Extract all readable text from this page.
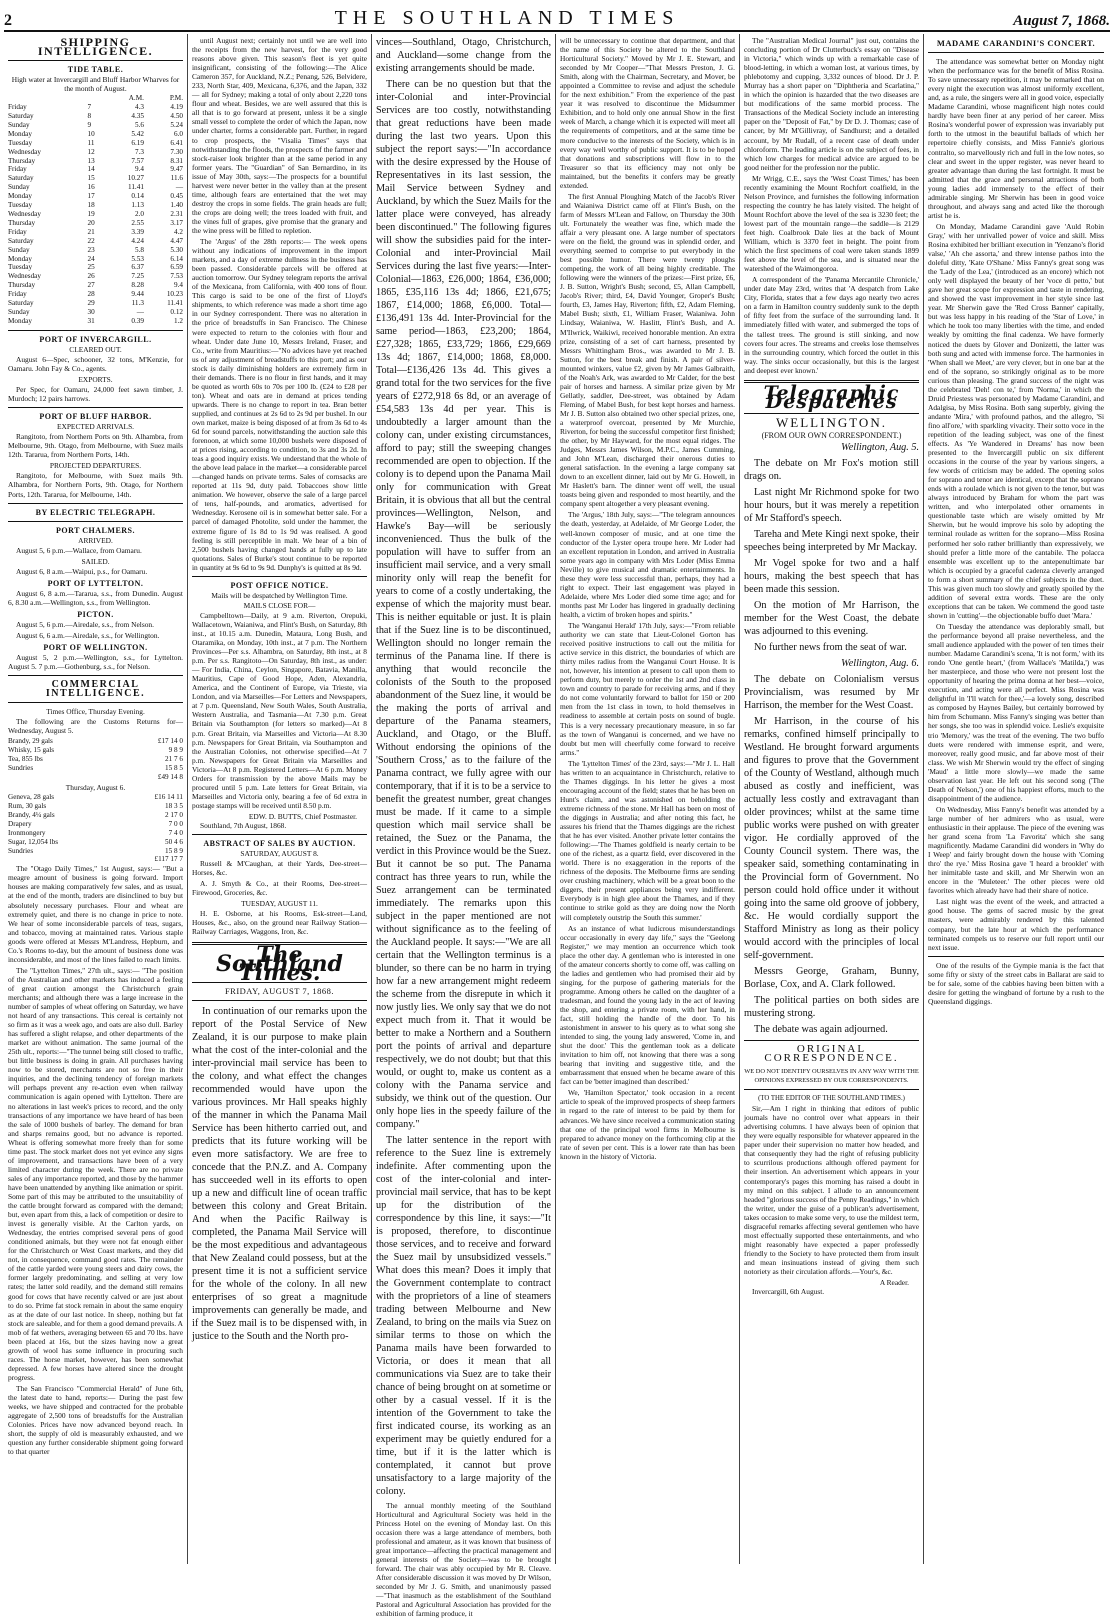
2	THE SOUTHLAND TIMES	August 7, 1868.
SHIPPING INTELLIGENCE.
TIDE TABLE.
High water at Invercargill and Bluff Harbor Wharves for the month of August.
		A.M.	P.M.
Friday	7	4.3	4.19
Saturday	8	4.35	4.50
Sunday	9	5.6	5.24
Monday	10	5.42	6.0
Tuesday	11	6.19	6.41
Wednesday	12	7.3	7.30
Thursday	13	7.57	8.31
Friday	14	9.4	9.47
Saturday	15	10.27	11.6
Sunday	16	11.41	—
Monday	17	0.14	0.45
Tuesday	18	1.13	1.40
Wednesday	19	2.0	2.31
Thursday	20	2.55	3.17
Friday	21	3.39	4.2
Saturday	22	4.24	4.47
Sunday	23	5.8	5.30
Monday	24	5.53	6.14
Tuesday	25	6.37	6.59
Wednesday	26	7.25	7.53
Thursday	27	8.28	9.4
Friday	28	9.44	10.23
Saturday	29	11.3	11.41
Sunday	30	—	0.12
Monday	31	0.39	1.2
PORT OF INVERCARGILL.
CLEARED OUT.

August 6—Spec, schooner, 32 tons, M'Kenzie, for Oamaru. John Fay & Co., agents.

EXPORTS.

Per Spec, for Oamaru, 24,000 feet sawn timber, J. Murdoch; 12 pairs harrows.

PORT OF BLUFF HARBOR.
EXPECTED ARRIVALS.

Rangitoto, from Northern Ports on 9th. Alhambra, from Melbourne, 9th. Otago, from Melbourne, with Suez mails 12th. Tararua, from Northern Ports, 14th.

PROJECTED DEPARTURES.

Rangitoto, for Melbourne, with Suez mails 9th. Alhambra, for Northern Ports, 9th. Otago, for Northern Ports, 12th. Tararua, for Melbourne, 14th.

BY ELECTRIC TELEGRAPH.
PORT CHALMERS.
ARRIVED.

August 5, 6 p.m.—Wallace, from Oamaru.

SAILED.

August 6, 8 a.m.—Waipui, p.s., for Oamaru.

PORT OF LYTTELTON.

August 6, 8 a.m.—Tararua, s.s., from Dunedin. August 6, 8.30 a.m.—Wellington, s.s., from Wellington.

PICTON.

August 5, 6 p.m.—Airedale, s.s., from Nelson.

August 6, 6 a.m.—Airedale, s.s., for Wellington.

PORT OF WELLINGTON.

August 5, 2 p.m.—Wellington, s.s., for Lyttelton. August 5. 7 p.m.—Gothenburg, s.s., for Nelson.

COMMERCIAL INTELLIGENCE.
Times Office, Thursday Evening.

The following are the Customs Returns for— Wednesday, August 5.

Brandy, 29 gals	£17 14 0
Whisky, 15 gals	9 8 9
Tea, 855 lbs	21 7 6
Sundries	15 8 5
	£49 14 8
Thursday, August 6.
Geneva, 28 gals	£16 14 11
Rum, 30 gals	18 3 5
Brandy, 4¼ gals	2 17 0
Drapery	7 0 0
Ironmongery	7 4 0
Sugar, 12,054 lbs	50 4 6
Sundries	15 8 9
	£117 17 7

The "Otago Daily Times," 1st August, says:— "But a meagre amount of business is going forward. Import houses are making comparatively few sales, and as usual, at the end of the month, traders are disinclined to buy but absolutely necessary purchases. Flour and wheat are extremely quiet, and there is no change in price to note. We hear of some inconsiderable parcels of teas, sugars, and tobacco, moving at maintained rates. Various staple goods were offered at Messrs M'Landress, Hepburn, and Co.'s Rooms to-day, but the amount of business done was inconsiderable, and most of the lines failed to reach limits.

The "Lyttelton Times," 27th ult., says:— "The position of the Australian and other markets has induced a feeling of great caution amongst the Christchurch grain merchants; and although there was a large increase in the number of samples of wheat offering on Saturday, we have not heard of any transactions. This cereal is certainly not so firm as it was a week ago, and oats are also dull. Barley has suffered a slight relapse, and other departments of the market are without animation. The same journal of the 25th ult., reports:—"The tunnel being still closed to traffic, but little business is doing in grain. All purchases having now to be stored, merchants are not so free in their inquiries, and the declining tendency of foreign markets will perhaps prevent any re-action even when railway communication is again opened with Lyttelton. There are no alterations in last week's prices to record, and the only transactions of any importance we have heard of has been the sale of 1000 bushels of barley. The demand for bran and sharps remains good, but no advance is reported. Wheat is offering somewhat more freely than for some time past. The stock market does not yet evince any signs of improvement, and transactions have been of a very limited character during the week. There are no private sales of any importance reported, and those by the hammer have been unattended by anything like animation or spirit. Some part of this may be attributed to the unsuitability of the cattle brought forward as compared with the demand; but, even apart from this, a lack of competition or desire to invest is generally visible. At the Carlton yards, on Wednesday, the entries comprised several pens of good conditioned animals, but they were not fat enough either for the Christchurch or West Coast markets, and they did not, in consequence, command good rates. The remainder of the cattle yarded were young steers and dairy cows, the former largely predominating, and selling at very low rates; the latter sold readily, and the demand still remains good for cows that have recently calved or are just about to do so. Prime fat stock remain in about the same enquiry as at the date of our last notice. In sheep, nothing but fat stock are saleable, and for them a good demand prevails. A mob of fat wethers, averaging between 65 and 70 lbs. have been placed at 16s, but the sizes having now a great growth of wool has some influence in procuring such races. The horse market, however, has been somewhat depressed. A few horses have altered since the drought progress.

The San Francisco "Commercial Herald" of June 6th, the latest date to hand, reports:— During the past few weeks, we have shipped and contracted for the probable aggregate of 2,500 tons of breadstuffs for the Australian Colonies. Prices have now advanced beyond reach. In short, the supply of old is measurably exhausted, and we question any further considerable shipment going forward to that quarter

until August next; certainly not until we are well into the receipts from the new harvest, for the very good reasons above given. This season's fleet is yet quite insignificant, consisting of the following:—The Alice Cameron 357, for Auckland, N.Z.; Penang, 526, Belvidere, 233, North Star, 409, Mexicana, 6,376, and the Japan, 332— all for Sydney; making a total of only about 2,220 tons flour and wheat. Besides, we are well assured that this is all that is to go forward at present, unless it be a single small vessel to complete the order of which the Japan, now under charter, forms a considerable part. Further, in regard to crop prospects, the "Visalia Times" says that notwithstanding the floods, the prospects of the farmer and stock-raiser look brighter than at the same period in any former years. The "Guardian" of San Bernardino, in its issue of May 30th, says:—The prospects for a bountiful harvest were never better in the valley than at the present time, although fears are entertained that the wet may destroy the crops in some fields. The grain heads are full; the crops are doing well; the trees loaded with fruit, and the vines full of grapes, give promise that the granary and the wine press will be filled to repletion.

The 'Argus' of the 28th reports:— The week opens without any indications of improvement in the import markets, and a day of extreme dullness in the business has been passed. Considerable parcels will be offered at auction tomorrow. Our Sydney telegram reports the arrival of the Mexicana, from California, with 400 tons of flour. This cargo is said to be one of the first of Lloyd's shipments, to which reference was made a short time ago in our Sydney correspondent. There was no alteration in the price of breadstuffs in San Francisco. The Chinese were expected to return to the colonies with flour and wheat. Under date June 10, Messrs Ireland, Fraser, and Co., write from Mauritius:—"No advices have yet reached us of any adjustment of breadstuffs to this port; and as our stock is daily diminishing holders are extremely firm in their demands. There is no flour in first hands, and it may be quoted as worth 60s to 70s per 100 lb. (£24 to £28 per ton). Wheat and oats are in demand at prices tending upwards. There is no change to report in tea. Bran better supplied, and continues at 2s 6d to 2s 9d per bushel. In our own market, maize is being disposed of at from 3s 6d to 4s 6d for sound parcels, notwithstanding the auction sale this forenoon, at which some 10,000 bushels were disposed of at prices rising, according to condition, to 3s and 3s 2d. In teas a good inquiry exists. We understand that the whole of the above lead palace in the market—a considerable parcel—changed hands on private terms. Sales of cornsacks are reported at 11s 9d, duty paid. Tobaccoes show little animation. We however, observe the sale of a large parcel of tens, half-pounds, and aromatics, advertised for Wednesday. Kerosene oil is in somewhat better sale. For a parcel of damaged Photolite, sold under the hammer, the extreme figure of 1s 8d to 1s 9d was realised. A good feeling is still perceptible in malt. We hear of a bin of 2,500 bushels having changed hands at fully up to late quotations. Sales of Burke's stout continue to be reported in quantity at 9s 6d to 9s 9d. Dunphy's is quitted at 8s 9d.

POST OFFICE NOTICE.
Mails will be despatched by Wellington Time.
MAILS CLOSE FOR—

Campbelltown—Daily, at 9 a.m. Riverton, Orepuki, Wallacetown, Waianiwa, and Flint's Bush, on Saturday, 8th inst., at 10.15 a.m. Dunedin, Mataura, Long Bush, and Otaramika, on Monday, 10th inst., at 7 p.m. The Northern Provinces—Per s.s. Alhambra, on Saturday, 8th inst., at 8 p.m. Per s.s. Rangitoto—On Saturday, 8th inst., as under:— For India, China, Ceylon, Singapore, Batavia, Manilla, Mauritius, Cape of Good Hope, Aden, Alexandria, America, and the Continent of Europe, via Trieste, via London, and via Marseilles—For Letters and Newspapers, at 7 p.m. Queensland, New South Wales, South Australia, Western Australia, and Tasmania—At 7.30 p.m. Great Britain via Southampton (for letters so marked)—At 8 p.m. Great Britain, via Marseilles and Victoria—At 8.30 p.m. Newspapers for Great Britain, via Southampton and the Australian Colonies, not otherwise specified—At 7 p.m. Newspapers for Great Britain via Marseilles and Victoria—At 8 p.m. Registered Letters—At 6 p.m. Money Orders for transmission by the above Mails may be procured until 5 p.m. Late letters for Great Britain, via Marseilles and Victoria only, bearing a fee of 6d extra in postage stamps will be received until 8.50 p.m.

EDW. D. BUTTS, Chief Postmaster.

Southland, 7th August, 1868.

ABSTRACT OF SALES BY AUCTION.
SATURDAY, AUGUST 8.

Russell & M'Caughan, at their Yards, Dee-street—Horses, &c.

A. J. Smyth & Co., at their Rooms, Dee-street—Firewood, Groceries, &c.

TUESDAY, AUGUST 11.

H. E. Osborne, at his Rooms, Esk-street—Land, Houses, &c., also, on the ground near Railway Station—Railway Carriages, Waggons, Iron, &c.

The Southland Times.
FRIDAY, AUGUST 7, 1868.

In continuation of our remarks upon the report of the Postal Service of New Zealand, it is our purpose to make plain what the cost of the inter-colonial and the inter-provincial mail service has been to the colony, and what effect the changes recommended would have upon the various provinces. Mr Hall speaks highly of the manner in which the Panama Mail Service has been hitherto carried out, and predicts that its future working will be even more satisfactory. We are free to concede that the P.N.Z. and A. Company has succeeded well in its efforts to open up a new and difficult line of ocean traffic between this colony and Great Britain. And when the Pacific Railway is completed, the Panama Mail Service will be the most expeditious and advantageous that New Zealand could possess, but at the present time it is not a sufficient service for the whole of the colony. In all new enterprises of so great a magnitude improvements can generally be made, and if the Suez mail is to be dispensed with, in justice to the South and the North pro-

vinces—Southland, Otago, Christchurch, and Auckland—some change from the existing arrangements should be made.

There can be no question but that the inter-Colonial and inter-Provincial Services are too costly, notwithstanding that great reductions have been made during the last two years. Upon this subject the report says:—"In accordance with the desire expressed by the House of Representatives in its last session, the Mail Service between Sydney and Auckland, by which the Suez Mails for the latter place were conveyed, has already been discontinued." The following figures will show the subsidies paid for the inter-Colonial and inter-Provincial Mail Services during the last five years:—Inter-Colonial—1863, £26,000; 1864, £36,000; 1865, £35,116 13s 4d; 1866, £21,675; 1867, £14,000; 1868, £6,000. Total—£136,491 13s 4d. Inter-Provincial for the same period—1863, £23,200; 1864, £27,328; 1865, £33,729; 1866, £29,669 13s 4d; 1867, £14,000; 1868, £8,000. Total—£136,426 13s 4d. This gives a grand total for the two services for the five years of £272,918 6s 8d, or an average of £54,583 13s 4d per year. This is undoubtedly a larger amount than the colony can, under existing circumstances, afford to pay; still the sweeping changes recommended are open to objection. If the colony is to depend upon the Panama Mail only for communication with Great Britain, it is obvious that all but the central provinces—Wellington, Nelson, and Hawke's Bay—will be seriously inconvenienced. Thus the bulk of the population will have to suffer from an insufficient mail service, and a very small minority only will reap the benefit for years to come of a costly undertaking, the expense of which the majority must bear. This is neither equitable or just. It is plain that if the Suez line is to be discontinued, Wellington should no longer remain the terminus of the Panama line. If there is anything that would reconcile the colonists of the South to the proposed abandonment of the Suez line, it would be the making the ports of arrival and departure of the Panama steamers, Auckland, and Otago, or the Bluff. Without endorsing the opinions of the 'Southern Cross,' as to the failure of the Panama contract, we fully agree with our contemporary, that if it is to be a service to benefit the greatest number, great changes must be made. If it came to a simple question which mail service shall be retained, the Suez or the Panama, the verdict in this Province would be the Suez. But it cannot be so put. The Panama contract has three years to run, while the Suez arrangement can be terminated immediately. The remarks upon this subject in the paper mentioned are not without significance as to the feeling of the Auckland people. It says:—"We are all certain that the Wellington terminus is a blunder, so there can be no harm in trying how far a new arrangement might redeem the scheme from the disrepute in which it now justly lies. We only say that we do not expect much from it. That it would be better to make a Northern and a Southern port the points of arrival and departure respectively, we do not doubt; but that this would, or ought to, make us content as a colony with the Panama service and subsidy, we think out of the question. Our only hope lies in the speedy failure of the company."

The latter sentence in the report with reference to the Suez line is extremely indefinite. After commenting upon the cost of the inter-colonial and inter-provincial mail service, that has to be kept up for the distribution of the correspondence by this line, it says:—"It is proposed, therefore, to discontinue those services, and to receive and forward the Suez mail by unsubsidized vessels." What does this mean? Does it imply that the Government contemplate to contract with the proprietors of a line of steamers trading between Melbourne and New Zealand, to bring on the mails via Suez on similar terms to those on which the Panama mails have been forwarded to Victoria, or does it mean that all communications via Suez are to take their chance of being brought on at sometime or other by a casual vessel. If it is the intention of the Government to take the first indicated course, its working as an experiment may be quietly endured for a time, but if it is the latter which is contemplated, it cannot but prove unsatisfactory to a large majority of the colony.

The annual monthly meeting of the Southland Horticultural and Agricultural Society was held in the Princess Hotel on the evening of Monday last. On this occasion there was a large attendance of members, both professional and amateur, as it was known that business of great importance—affecting the practical management and general interests of the Society—was to be brought forward. The chair was ably occupied by Mr R. Cleave. After considerable discussion it was moved by Dr Wilson, seconded by Mr J. G. Smith, and unanimously passed—"That inasmuch as the establishment of the Southland Pastoral and Agricultural Association has provided for the exhibition of farming produce, it

will be unnecessary to continue that department, and that the name of this Society be altered to the Southland Horticultural Society." Moved by Mr J. E. Stewart, and seconded by Mr Cooper—"That Messrs Preston, J. G. Smith, along with the Chairman, Secretary, and Mover, be appointed a Committee to revise and adjust the schedule for the next exhibition." From the experience of the past year it was resolved to discontinue the Midsummer Exhibition, and to hold only one annual Show in the first week of March, a change which it is expected will meet all the requirements of competitors, and at the same time be more conducive to the interests of the Society, which is in every way well worthy of public support. It is to be hoped that donations and subscriptions will flow in to the Treasurer so that its efficiency may not only be maintained, but the benefits it confers may be greatly extended.

The first Annual Ploughing Match of the Jacob's River and Waianiwa District came off at Flint's Bush, on the farm of Messrs M'Lean and Fallow, on Thursday the 30th ult. Fortunately the weather was fine, which made the affair a very pleasant one. A large number of spectators were on the field, the ground was in splendid order, and everything seemed to comprise to put everybody in the best possible humor. There were twenty ploughs competing, the work of all being highly creditable. The following were the winners of the prizes:—First prize, £6, J. B. Sutton, Wright's Bush; second, £5, Allan Campbell, Jacob's River; third, £4, David Younger, Groper's Bush; fourth, £3, James Hay, Riverton; fifth, £2, Adam Fleming, Mabel Bush; sixth, £1, William Fraser, Waianiwa. John Lindsay, Waianiwa, W. Haslitt, Flint's Bush, and A. M'Ilwrick, Waikiwi, received honorable mention. An extra prize, consisting of a set of cart harness, presented by Messrs Whittingham Bros., was awarded to Mr J. B. Sutton, for the best break and finish. A pair of silver-mounted winkers, value £2, given by Mr James Galbraith, of the Noah's Ark, was awarded to Mr Calder, for the best pair of horses and harness. A similar prize given by Mr Gellatly, saddler, Dee-street, was obtained by Adam Fleming, of Mabel Bush, for best kept horses and harness. Mr J. B. Sutton also obtained two other special prizes, one, a waterproof overcoat, presented by Mr Murchie, Riverton, for being the successful competitor first finished; the other, by Mr Hayward, for the most equal ridges. The Judges, Messrs James Wilson, M.P.C., James Cumming, and John M'Lean, discharged their onerous duties to general satisfaction. In the evening a large company sat down to an excellent dinner, laid out by Mr G. Howell, in Mr Haslett's barn. The dinner went off well, the usual toasts being given and responded to most heartily, and the company spent altogether a very pleasant evening.

The 'Argus,' 18th July, says:—"The telegram announces the death, yesterday, at Adelaide, of Mr George Loder, the well-known composer of music, and at one time the conductor of the Lyster opera troupe here. Mr Loder had an excellent reputation in London, and arrived in Australia some years ago in company with Mrs Loder (Miss Emma Neville) to give musical and dramatic entertainments. In these they were less successful than, perhaps, they had a right to expect. Their last engagement was played in Adelaide, where Mrs Loder died some time ago; and for months past Mr Loder has lingered in gradually declining health, a victim of broken hopes and spirits."

The 'Wanganui Herald' 17th July, says:—"From reliable authority we can state that Lieut-Colonel Gorton has received positive instructions to call out the militia for active service in this district, the boundaries of which are thirty miles radius from the Wanganui Court House. It is not, however, his intention at present to call upon them to perform duty, but merely to order the 1st and 2nd class in town and country to parade for receiving arms, and if they do not come voluntarily forward to ballot for 150 or 200 men from the 1st class in town, to hold themselves in readiness to assemble at certain posts on sound of bugle. This is a very necessary precautionary measure, in so far as the town of Wanganui is concerned, and we have no doubt but men will cheerfully come forward to receive arms."

The 'Lyttelton Times' of the 23rd, says:—"Mr J. L. Hall has written to an acquaintance in Christchurch, relative to the Thames diggings. In his letter he gives a most encouraging account of the field; states that he has been on Hunt's claim, and was astonished on beholding the extreme richness of the stone. Mr Hall has been on most of the diggings in Australia; and after noting this fact, he assures his friend that the Thames diggings are the richest that he has ever visited. Another private letter contains the following:—'The Thames goldfield is nearly certain to be one of the richest, as a quartz field, ever discovered in the world. There is no exaggeration in the reports of the richness of the deposits. The Melbourne firms are sending over crushing machinery, which will be a great boon to the diggers, their present appliances being very indifferent. Everybody is in high glee about the Thames, and if they continue to strike gold as they are doing now the North will completely outstrip the South this summer.'

As an instance of what ludicrous misunderstandings occur occasionally in every day life," says the "Geelong Register," we may mention an occurrence which took place the other day. A gentleman who is interested in one of the amateur concerts shortly to come off, was calling on the ladies and gentlemen who had promised their aid by singing, for the purpose of gathering materials for the programme. Among others he called on the daughter of a tradesman, and found the young lady in the act of leaving the shop, and entering a private room, with her hand, in fact, still holding the handle of the door. To his astonishment in answer to his query as to what song she intended to sing, the young lady answered, 'Come in, and shut the door.' This the gentleman took as a delicate invitation to him off, not knowing that there was a song bearing that inviting and suggestive title, and the embarrassment that ensued when he became aware of this fact can be 'better imagined than described.'

We, 'Hamilton Spectator,' took occasion in a recent article to speak of the improved prospects of sheep farmers in regard to the rate of interest to be paid by them for advances. We have since received a communication stating that one of the principal wool firms in Melbourne is prepared to advance money on the forthcoming clip at the rate of seven per cent. This is a lower rate than has been known in the history of Victoria.

The "Australian Medical Journal" just out, contains the concluding portion of Dr Clutterbuck's essay on "Disease in Victoria," which winds up with a remarkable case of blood-letting, in which a woman lost, at various times, by phlebotomy and cupping, 3,332 ounces of blood. Dr J. P. Murray has a short paper on "Diphtheria and Scarlatina," in which the opinion is hazarded that the two diseases are but modifications of the same morbid process. The Transactions of the Medical Society include an interesting paper on the "Deposit of Fat," by Dr D. J. Thomas; case of cancer, by Mr M'Gillivray, of Sandhurst; and a detailed account, by Mr Rudall, of a recent case of death under chloroform. The leading article is on the subject of fees, in which low charges for medical advice are argued to be good neither for the profession nor the public.

Mr Wrigg, C.E., says the 'West Coast Times,' has been recently examining the Mount Rochfort coalfield, in the Nelson Province, and furnishes the following information respecting the country he has lately visited. The height of Mount Rochfort above the level of the sea is 3230 feet; the lowest part of the mountain range—the saddle—is 2129 feet high. Coalbrook Dale lies at the back of Mount William, which is 3370 feet in height. The point from which the first specimens of coal were taken stands 1899 feet above the level of the sea, and is situated near the watershed of the Waimongoroa.

A correspondent of the 'Panama Mercantile Chronicle,' under date May 23rd, writes that 'A despatch from Lake City, Florida, states that a few days ago nearly two acres on a farm in Hamilton country suddenly sunk to the depth of fifty feet from the surface of the surrounding land. It immediately filled with water, and submerged the tops of the tallest trees. The ground is still sinking, and now covers four acres. The streams and creeks lose themselves in the surrounding country, which forced the outlet in this way. The sinks occur occasionally, but this is the largest and deepest ever known.'

Telegraphic Despatches
WELLINGTON.
(FROM OUR OWN CORRESPONDENT.)

Wellington, Aug. 5.

The debate on Mr Fox's motion still drags on.

Last night Mr Richmond spoke for two hour hours, but it was merely a repetition of Mr Stafford's speech.

Tareha and Mete Kingi next spoke, their speeches being interpreted by Mr Mackay.

Mr Vogel spoke for two and a half hours, making the best speech that has been made this session.

On the motion of Mr Harrison, the member for the West Coast, the debate was adjourned to this evening.

No further news from the seat of war.

Wellington, Aug. 6.

The debate on Colonialism versus Provincialism, was resumed by Mr Harrison, the member for the West Coast.

Mr Harrison, in the course of his remarks, confined himself principally to Westland. He brought forward arguments and figures to prove that the Government of the County of Westland, although much abused as costly and inefficient, was actually less costly and extravagant than older provinces; whilst at the same time public works were pushed on with greater vigor. He cordially approved of the County Council system. There was, the speaker said, something contaminating in the Provincial form of Government. No person could hold office under it without going into the same old groove of jobbery, &c. He would cordially support the Stafford Ministry as long as their policy would accord with the principles of local self-government.

Messrs George, Graham, Bunny, Borlase, Cox, and A. Clark followed.

The political parties on both sides are mustering strong.

The debate was again adjourned.

ORIGINAL CORRESPONDENCE.
WE DO NOT IDENTIFY OURSELVES IN ANY WAY WITH THE OPINIONS EXPRESSED BY OUR CORRESPONDENTS.
(TO THE EDITOR OF THE SOUTHLAND TIMES.)

Sir,—Am I right in thinking that editors of public journals have no control over what appears in their advertising columns. I have always been of opinion that they were equally responsible for whatever appeared in the paper under their supervision no matter how headed, and that consequently they had the right of refusing publicity to scurrilous productions although offered payment for their insertion. An advertisement which appears in your contemporary's pages this morning has raised a doubt in my mind on this subject. I allude to an announcement headed "glorious success of the Penny Readings," in which the writer, under the guise of a publican's advertisement, takes occasion to make some very, to use the mildest term, disgraceful remarks affecting several gentlemen who have most effectually supported these entertainments, and who might reasonably have expected a paper professedly friendly to the Society to have protected them from insult and mean insinuations instead of giving them such notoriety as their circulation affords.—Your's, &c.

A Reader.

Invercargill, 6th August.

MADAME CARANDINI'S CONCERT.

The attendance was somewhat better on Monday night when the performance was for the benefit of Miss Rosina. To save unnecessary repetition, it may be remarked that on every night the execution was almost uniformly excellent, and, as a rule, the singers were all in good voice, especially Madame Carandini, whose magnificent high notes could hardly have been finer at any period of her career. Miss Rosina's wonderful power of expression was invariably put forth to the utmost in the beautiful ballads of which her repertoire chiefly consists, and Miss Fannie's glorious contralto, so marvellously rich and full in the low notes, so clear and sweet in the upper register, was never heard to greater advantage than during the last fortnight. It must be admitted that the grace and personal attractions of both young ladies add immensely to the effect of their admirable singing. Mr Sherwin has been in good voice throughout, and always sang and acted like the thorough artist he is.

On Monday, Madame Carandini gave 'Auld Robin Gray,' with her unrivalled power of voice and skill. Miss Rosina exhibited her brilliant execution in 'Yenzano's florid valse,' 'Ah che assorta,' and threw intense pathos into the doleful ditty, 'Kate O'Shane.' Miss Fanny's great song was the 'Lady of the Lea,' (introduced as an encore) which not only well displayed the beauty of her 'voce di petto,' but gave her great scope for expression and taste in rendering, and showed the vast improvement in her style since last year. Mr Sherwin gave the 'Red Cross Banner' capitally, but was less happy in his reading of the 'Star of Love,' in which he took too many liberties with the time, and ended weakly by omitting the final cadenza. We have formerly noticed the duets by Glover and Donizetti, the latter was both sung and acted with immense force. The harmonies in 'When shall we Meet,' are very clever, but in one bar at the end of the soprano, so strikingly original as to be more curious than pleasing. The grand success of the night was the celebrated 'Deh! con te,' from 'Norma,' in which the Druid Priestess was personated by Madame Carandini, and Adalgisa, by Miss Rosina. Both sang superbly, giving the andante 'Mira,' with profound pathos, and the allegro, 'Si fino all'ore,' with sparkling vivacity. Their sotto voce in the repetition of the leading subject, was one of the finest effects. As 'Ye Wandered in Dreams' has now been presented to the Invercargill public on six different occasions in the course of the year by various singers, a few words of criticism may be added. The opening solos for soprano and tenor are identical, except that the soprano ends with a roulade which is not given to the tenor, but was always introduced by Braham for whom the part was written, and who interpolated other ornaments in questionable taste which are wisely omitted by Mr Sherwin, but he would improve his solo by adopting the terminal roulade as written for the soprano—Miss Rosina performed her solo rather brilliantly than expressively, we should prefer a little more of the cantabile. The polacca ensemble was excellent up to the antepenultimate bar which is occupied by a graceful cadenza cleverly arranged to form a short summary of the chief subjects in the duet. This was given much too slowly and greatly spoiled by the addition of several extra words. These are the only exceptions that can be taken. We commend the good taste shown in 'cutting'—the objectionable buffo duet 'Mara.'

On Tuesday the attendance was deplorably small, but the performance beyond all praise nevertheless, and the small audience applauded with the power of ten times their number. Madame Carandini's scena, 'It is not form,' with its rondo 'One gentle heart,' (from Wallace's 'Matilda,') was her masterpiece, and those who were not present lost the opportunity of hearing the prima donna at her best—voice, execution, and acting were all perfect. Miss Rosina was delightful in 'I'll watch for thee,'—a lovely song, described as composed by Haynes Bailey, but certainly borrowed by him from Schumann. Miss Fanny's singing was better than her songs, she too was in splendid voice. Leslie's exquisite trio 'Memory,' was the treat of the evening. The two buffo duets were rendered with immense esprit, and were, moreover, really good music, and far above most of their class. We wish Mr Sherwin would try the effect of singing 'Maud' a little more slowly—we made the same observation last year. He left out his second song ('The Death of Nelson,') one of his happiest efforts, much to the disappointment of the audience.

On Wednesday, Miss Fanny's benefit was attended by a large number of her admirers who as usual, were enthusiastic in their applause. The piece of the evening was her grand scena from 'La Favorita' which she sang magnificently. Madame Carandini did wonders in 'Why do I Weep' and fairly brought down the house with 'Coming thro' the rye.' Miss Rosina gave 'I heard a brooklet' with her inimitable taste and skill, and Mr Sherwin won an encore in the 'Muleteer.' The other pieces were old favorites which already have had their share of notice.

Last night was the event of the week, and attracted a good house. The gems of sacred music by the great masters, were admirably rendered by this talented company, but the late hour at which the performance terminated compels us to reserve our full report until our next issue.

One of the results of the Gympie mania is the fact that some fifty or sixty of the street cabs in Ballarat are said to be for sale, some of the cabbies having been bitten with a desire for getting the wingband of fortune by a rush to the Queensland diggings.
